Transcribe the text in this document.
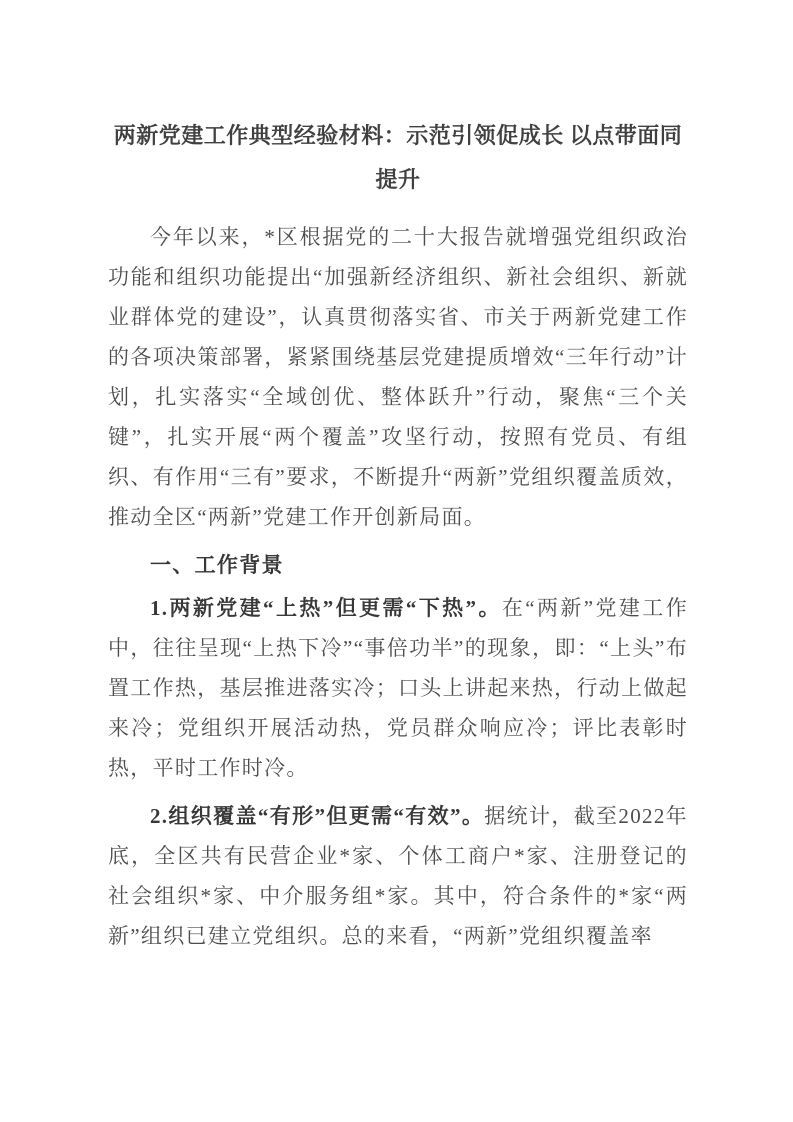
两新党建工作典型经验材料：示范引领促成长 以点带面同
提升

今年以来，*区根据党的二十大报告就增强党组织政治功能和组织功能提出“加强新经济组织、新社会组织、新就业群体党的建设”，认真贯彻落实省、市关于两新党建工作的各项决策部署，紧紧围绕基层党建提质增效“三年行动”计划，扎实落实“全域创优、整体跃升”行动，聚焦“三个关键”，扎实开展“两个覆盖”攻坚行动，按照有党员、有组织、有作用“三有”要求，不断提升“两新”党组织覆盖质效，推动全区“两新”党建工作开创新局面。

一、工作背景

1.两新党建“上热”但更需“下热”。在“两新”党建工作中，往往呈现“上热下冷”“事倍功半”的现象，即：“上头”布置工作热，基层推进落实冷；口头上讲起来热，行动上做起来冷；党组织开展活动热，党员群众响应冷；评比表彰时热，平时工作时冷。

2.组织覆盖“有形”但更需“有效”。据统计，截至2022年底，全区共有民营企业*家、个体工商户*家、注册登记的社会组织*家、中介服务组*家。其中，符合条件的*家“两新”组织已建立党组织。总的来看，“两新”党组织覆盖率
